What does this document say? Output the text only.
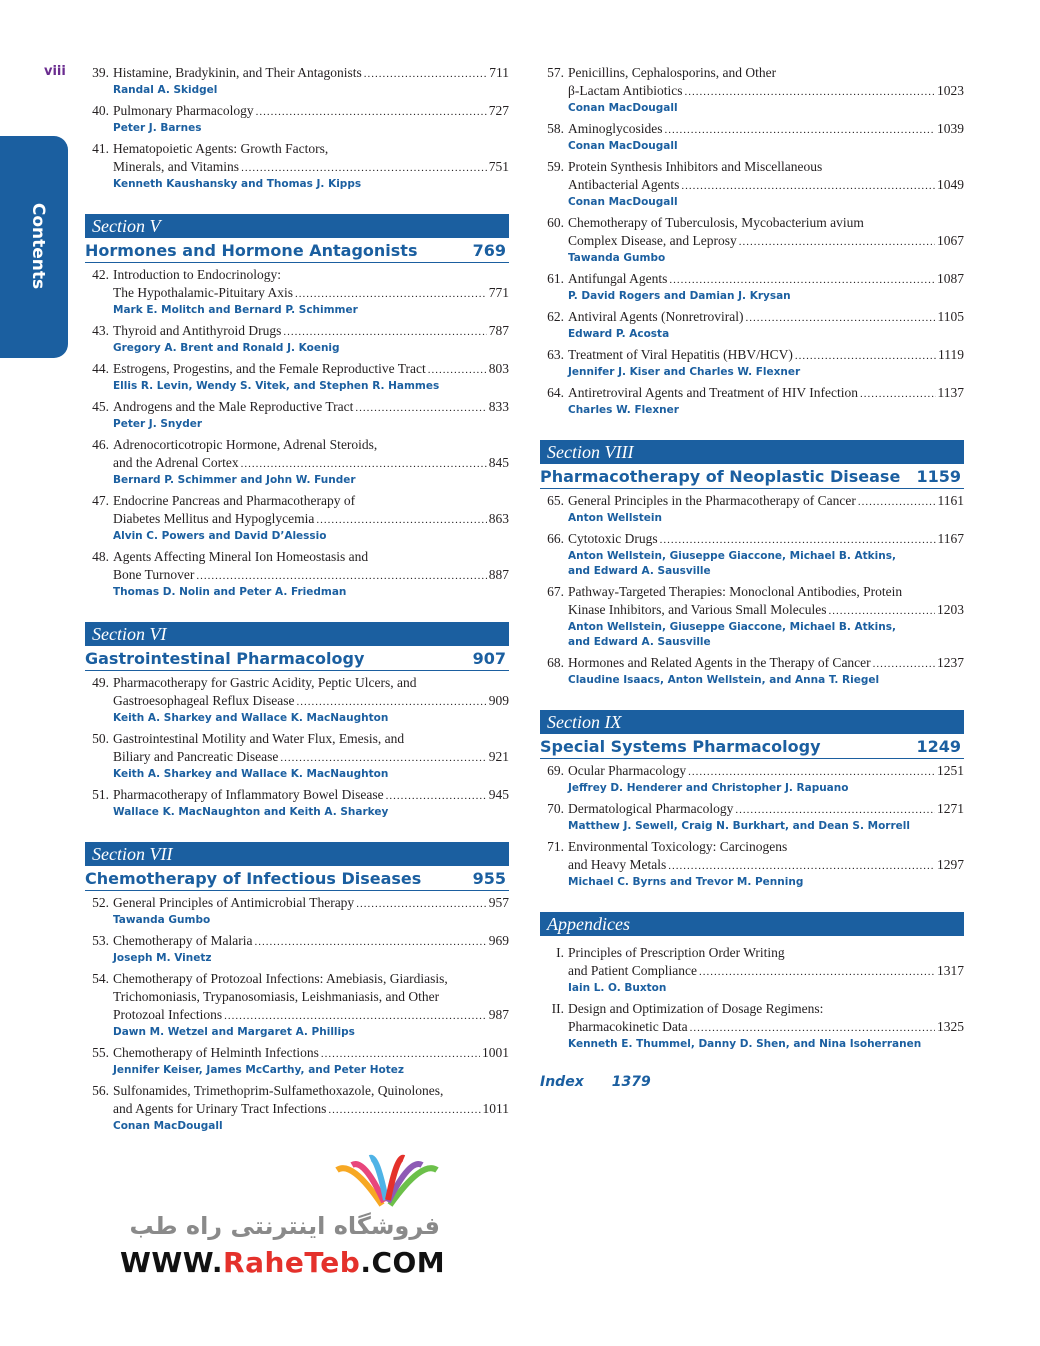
viii
Contents
39. Histamine, Bradykinin, and Their Antagonists .....	711
Randal A. Skidgel
40. Pulmonary Pharmacology .....	727
Peter J. Barnes
41. Hematopoietic Agents: Growth Factors,
Minerals, and Vitamins .....	751
Kenneth Kaushansky and Thomas J. Kipps
Section V
Hormones and Hormone Antagonists	769
42. Introduction to Endocrinology:
The Hypothalamic-Pituitary Axis .....	771
Mark E. Molitch and Bernard P. Schimmer
43. Thyroid and Antithyroid Drugs .....	787
Gregory A. Brent and Ronald J. Koenig
44. Estrogens, Progestins, and the Female Reproductive Tract .....	803
Ellis R. Levin, Wendy S. Vitek, and Stephen R. Hammes
45. Androgens and the Male Reproductive Tract .....	833
Peter J. Snyder
46. Adrenocorticotropic Hormone, Adrenal Steroids,
and the Adrenal Cortex .....	845
Bernard P. Schimmer and John W. Funder
47. Endocrine Pancreas and Pharmacotherapy of
Diabetes Mellitus and Hypoglycemia .....	863
Alvin C. Powers and David D’Alessio
48. Agents Affecting Mineral Ion Homeostasis and
Bone Turnover .....	887
Thomas D. Nolin and Peter A. Friedman
Section VI
Gastrointestinal Pharmacology	907
49. Pharmacotherapy for Gastric Acidity, Peptic Ulcers, and
Gastroesophageal Reflux Disease .....	909
Keith A. Sharkey and Wallace K. MacNaughton
50. Gastrointestinal Motility and Water Flux, Emesis, and
Biliary and Pancreatic Disease .....	921
Keith A. Sharkey and Wallace K. MacNaughton
51. Pharmacotherapy of Inflammatory Bowel Disease .....	945
Wallace K. MacNaughton and Keith A. Sharkey
Section VII
Chemotherapy of Infectious Diseases	955
52. General Principles of Antimicrobial Therapy .....	957
Tawanda Gumbo
53. Chemotherapy of Malaria .....	969
Joseph M. Vinetz
54. Chemotherapy of Protozoal Infections: Amebiasis, Giardiasis,
Trichomoniasis, Trypanosomiasis, Leishmaniasis, and Other
Protozoal Infections .....	987
Dawn M. Wetzel and Margaret A. Phillips
55. Chemotherapy of Helminth Infections .....	1001
Jennifer Keiser, James McCarthy, and Peter Hotez
56. Sulfonamides, Trimethoprim-Sulfamethoxazole, Quinolones,
and Agents for Urinary Tract Infections .....	1011
Conan MacDougall
57. Penicillins, Cephalosporins, and Other
β-Lactam Antibiotics .....	1023
Conan MacDougall
58. Aminoglycosides .....	1039
Conan MacDougall
59. Protein Synthesis Inhibitors and Miscellaneous
Antibacterial Agents .....	1049
Conan MacDougall
60. Chemotherapy of Tuberculosis, Mycobacterium avium
Complex Disease, and Leprosy .....	1067
Tawanda Gumbo
61. Antifungal Agents .....	1087
P. David Rogers and Damian J. Krysan
62. Antiviral Agents (Nonretroviral) .....	1105
Edward P. Acosta
63. Treatment of Viral Hepatitis (HBV/HCV) .....	1119
Jennifer J. Kiser and Charles W. Flexner
64. Antiretroviral Agents and Treatment of HIV Infection .....	1137
Charles W. Flexner
Section VIII
Pharmacotherapy of Neoplastic Disease 1159
65. General Principles in the Pharmacotherapy of Cancer .....	1161
Anton Wellstein
66. Cytotoxic Drugs .....	1167
Anton Wellstein, Giuseppe Giaccone, Michael B. Atkins,
and Edward A. Sausville
67. Pathway-Targeted Therapies: Monoclonal Antibodies, Protein
Kinase Inhibitors, and Various Small Molecules .....	1203
Anton Wellstein, Giuseppe Giaccone, Michael B. Atkins,
and Edward A. Sausville
68. Hormones and Related Agents in the Therapy of Cancer .....	1237
Claudine Isaacs, Anton Wellstein, and Anna T. Riegel
Section IX
Special Systems Pharmacology	1249
69. Ocular Pharmacology .....	1251
Jeffrey D. Henderer and Christopher J. Rapuano
70. Dermatological Pharmacology .....	1271
Matthew J. Sewell, Craig N. Burkhart, and Dean S. Morrell
71. Environmental Toxicology: Carcinogens
and Heavy Metals .....	1297
Michael C. Byrns and Trevor M. Penning
Appendices
I. Principles of Prescription Order Writing
and Patient Compliance .....	1317
Iain L. O. Buxton
II. Design and Optimization of Dosage Regimens:
Pharmacokinetic Data .....	1325
Kenneth E. Thummel, Danny D. Shen, and Nina Isoherranen
Index 1379
فروشگاه اینترنتی راه طب
WWW.RaheTeb.COM
